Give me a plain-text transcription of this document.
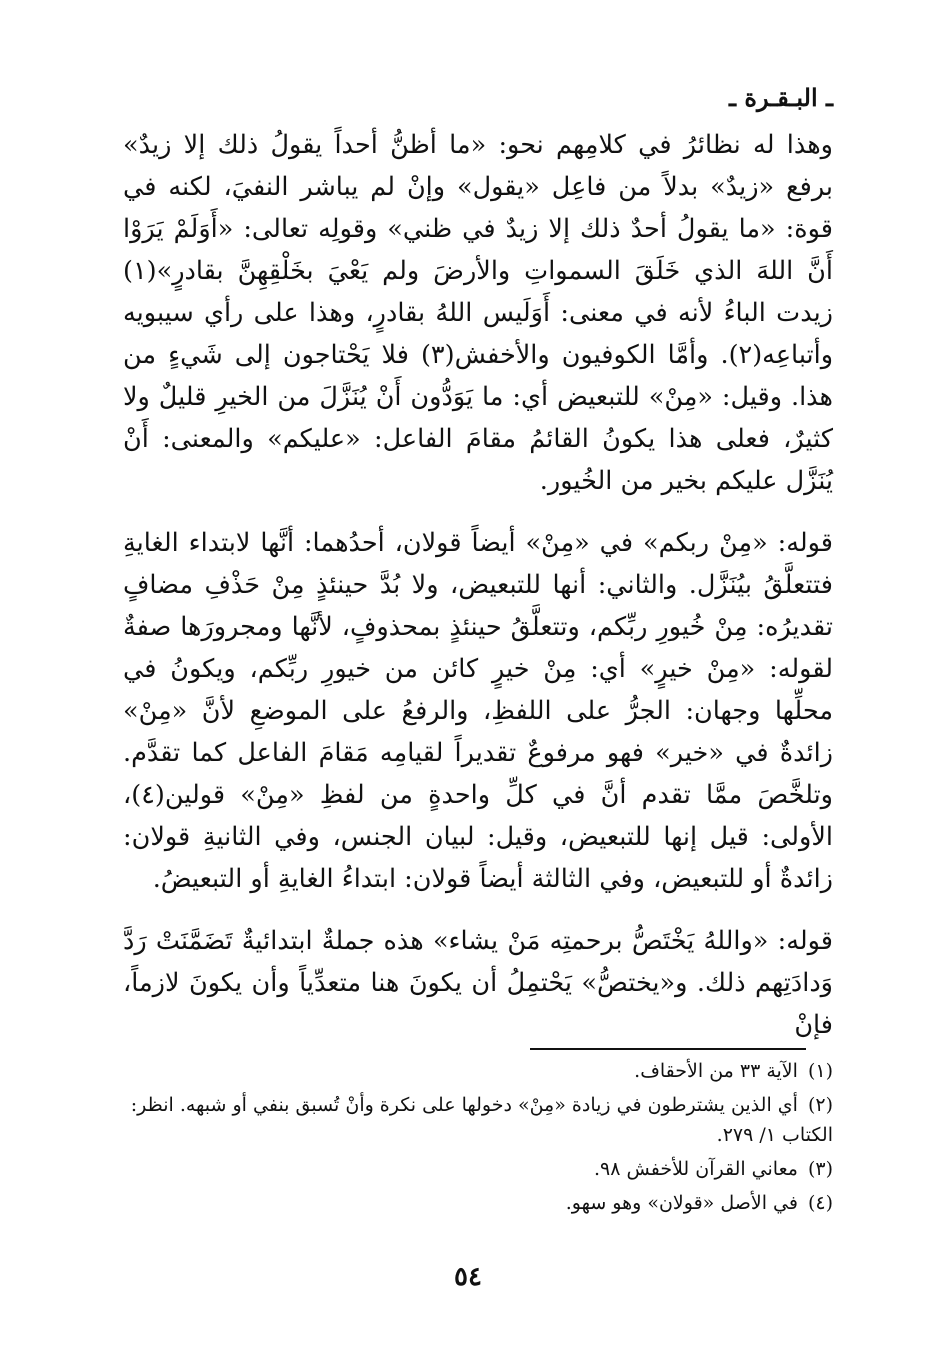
ـ البـقـرة ـ

وهذا له نظائرُ في كلامِهم نحو: «ما أظنُّ أحداً يقولُ ذلك إلا زيدٌ» برفع «زيدٌ» بدلاً من فاعِل «يقول» وإنْ لم يباشر النفيَ، لكنه في قوة: «ما يقولُ أحدٌ ذلك إلا زيدٌ في ظني» وقولِه تعالى: «أَوَلَمْ يَرَوْا أَنَّ اللهَ الذي خَلَقَ السمواتِ والأرضَ ولم يَعْيَ بخَلْقِهِنَّ بقادرٍ»(١) زيدت الباءُ لأنه في معنى: أَوَلَيس اللهُ بقادرٍ، وهذا على رأي سيبويه وأتباعِه(٢). وأمَّا الكوفيون والأخفش(٣) فلا يَحْتاجون إلى شَيءٍ من هذا. وقيل: «مِنْ» للتبعيض أي: ما يَوَدُّون أَنْ يُنَزَّلَ من الخيرِ قليلٌ ولا كثيرٌ، فعلى هذا يكونُ القائمُ مقامَ الفاعل: «عليكم» والمعنى: أَنْ يُنَزَّل عليكم بخير من الخُيور.

قوله: «مِنْ ربكم» في «مِنْ» أيضاً قولان، أحدُهما: أنَّها لابتداء الغايةِ فتتعلَّقُ بيُنَزَّل. والثاني: أنها للتبعيض، ولا بُدَّ حينئذٍ مِنْ حَذْفِ مضافٍ تقديرُه: مِنْ خُيورِ ربِّكم، وتتعلَّقُ حينئذٍ بمحذوفٍ، لأنَّها ومجرورَها صفةٌ لقوله: «مِنْ خيرٍ» أي: مِنْ خيرٍ كائن من خيورِ ربِّكم، ويكونُ في محلِّها وجهان: الجرُّ على اللفظِ، والرفعُ على الموضعِ لأنَّ «مِنْ» زائدةٌ في «خير» فهو مرفوعٌ تقديراً لقيامِه مَقامَ الفاعل كما تقدَّم. وتلخَّصَ ممَّا تقدم أنَّ في كلِّ واحدةٍ من لفظِ «مِنْ» قولين(٤)، الأولى: قيل إنها للتبعيض، وقيل: لبيان الجنس، وفي الثانيةِ قولان: زائدةٌ أو للتبعيض، وفي الثالثة أيضاً قولان: ابتداءُ الغايةِ أو التبعيضُ.

قوله: «واللهُ يَخْتَصُّ برحمتِه مَنْ يشاء» هذه جملةٌ ابتدائيةٌ تَضَمَّنَتْ رَدَّ وَدادَتِهم ذلك. و«يختصُّ» يَحْتمِلُ أن يكونَ هنا متعدِّياً وأن يكونَ لازماً، فإنْ

(١)الآية ٣٣ من الأحقاف.
(٢)أي الذين يشترطون في زيادة «مِنْ» دخولها على نكرة وأنْ تُسبق بنفي أو شبهه. انظر: الكتاب ١/ ٢٧٩.
(٣)معاني القرآن للأخفش ٩٨.
(٤)في الأصل «قولان» وهو سهو.
٥٤
